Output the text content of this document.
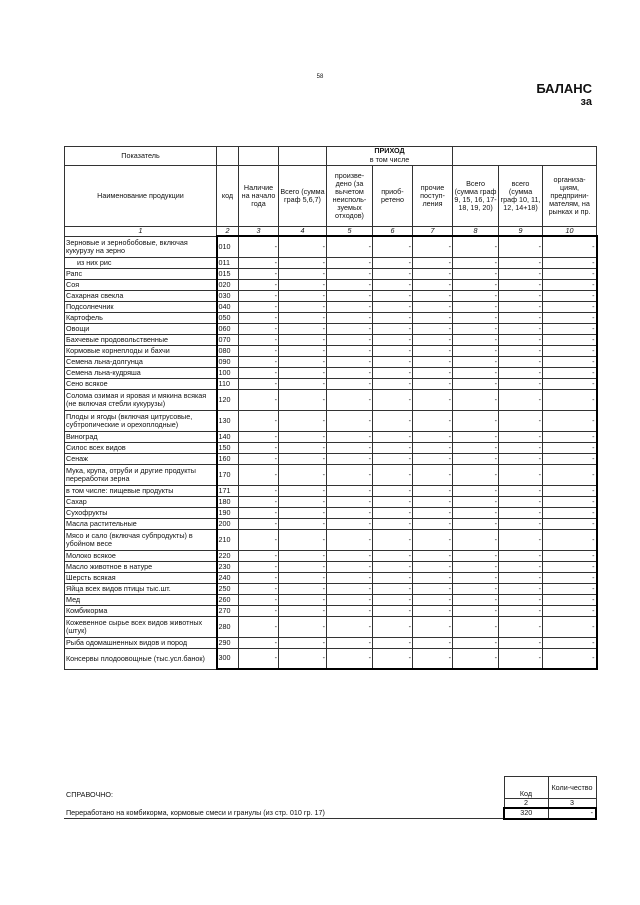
58
БАЛАНС
за
Показатель				ПРИХОД					
				в том числе					
Наименование продукции	код	Наличие на начало года	Всего (сумма граф 5,6,7)	произве-дено (за вычетом неисполь-зуемых отходов)	приоб-ретено	прочие поступ-ления	Всего (сумма граф 9, 15, 16, 17-18, 19, 20)	всего (сумма граф 10, 11, 12, 14+18)	организа-циям, предприни-мателям, на рынках и пр.
1	2	3	4	5	6	7	8	9	10
Зерновые и зернобобовые, включая кукурузу на зерно	010	-	-	-	-	-	-	-	-
из них рис	011	-	-	-	-	-	-	-	-
Рапс	015	-	-	-	-	-	-	-	-
Соя	020	-	-	-	-	-	-	-	-
Сахарная свекла	030	-	-	-	-	-	-	-	-
Подсолнечник	040	-	-	-	-	-	-	-	-
Картофель	050	-	-	-	-	-	-	-	-
Овощи	060	-	-	-	-	-	-	-	-
Бахчевые продовольственные	070	-	-	-	-	-	-	-	-
Кормовые корнеплоды и бахчи	080	-	-	-	-	-	-	-	-
Семена льна-долгунца	090	-	-	-	-	-	-	-	-
Семена льна-кудряша	100	-	-	-	-	-	-	-	-
Сено всякое	110	-	-	-	-	-	-	-	-
Солома озимая и яровая и мякина всякая (не включая стебли кукурузы)	120	-	-	-	-	-	-	-	-
Плоды и ягоды (включая цитрусовые, субтропические и орехоплодные)	130	-	-	-	-	-	-	-	-
Виноград	140	-	-	-	-	-	-	-	-
Силос всех видов	150	-	-	-	-	-	-	-	-
Сенаж	160	-	-	-	-	-	-	-	-
Мука, крупа, отруби и другие продукты переработки зерна	170	-	-	-	-	-	-	-	-
в том числе: пищевые продукты	171	-	-	-	-	-	-	-	-
Сахар	180	-	-	-	-	-	-	-	-
Сухофрукты	190	-	-	-	-	-	-	-	-
Масла растительные	200	-	-	-	-	-	-	-	-
Мясо и сало (включая субпродукты) в убойном весе	210	-	-	-	-	-	-	-	-
Молоко всякое	220	-	-	-	-	-	-	-	-
Масло животное в натуре	230	-	-	-	-	-	-	-	-
Шерсть всякая	240	-	-	-	-	-	-	-	-
Яйца всех видов птицы тыс.шт.	250	-	-	-	-	-	-	-	-
Мед	260	-	-	-	-	-	-	-	-
Комбикорма	270	-	-	-	-	-	-	-	-
Кожевенное сырье всех видов животных (штук)	280	-	-	-	-	-	-	-	-
Рыба одомашненных видов и пород	290	-	-	-	-	-	-	-	-
Консервы плодоовощные (тыс.усл.банок)	300	-	-	-	-	-	-	-	-
СПРАВОЧНО:	Код	Коли-чество
	2	3
Переработано на комбикорма, кормовые смеси и гранулы (из стр. 010 гр. 17)	320	-
